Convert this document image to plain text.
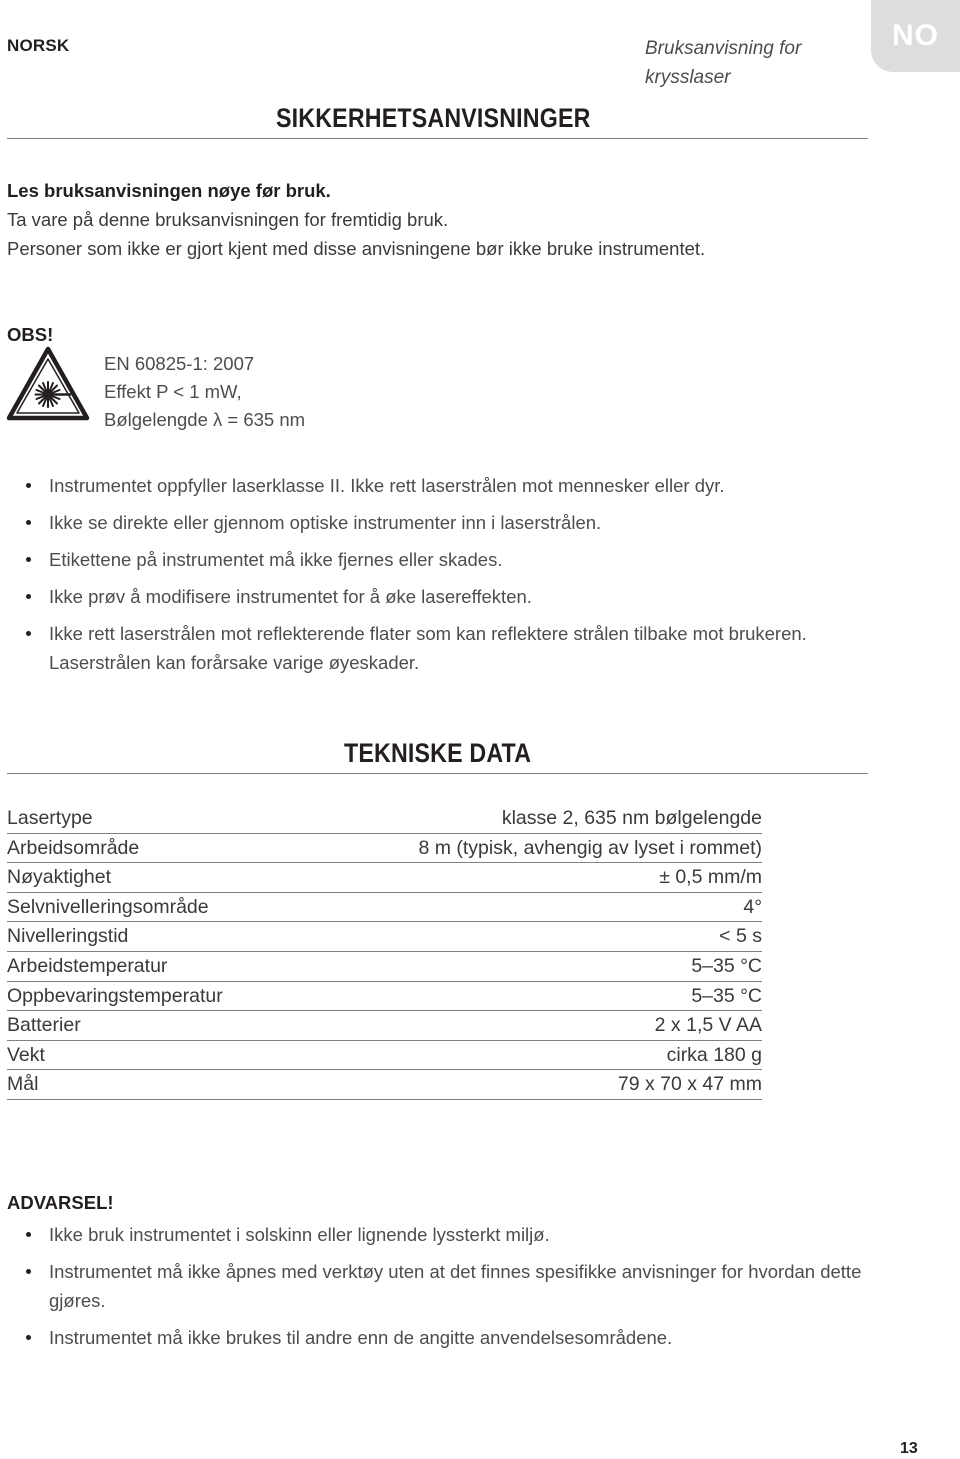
NORSK	Bruksanvisning for krysslaser
NO
SIKKERHETSANVISNINGER
Les bruksanvisningen nøye før bruk.
Ta vare på denne bruksanvisningen for fremtidig bruk.
Personer som ikke er gjort kjent med disse anvisningene bør ikke bruke instrumentet.
OBS!
EN 60825-1: 2007
Effekt P < 1 mW,
Bølgelengde λ = 635 nm
Instrumentet oppfyller laserklasse II. Ikke rett laserstrålen mot mennesker eller dyr.
Ikke se direkte eller gjennom optiske instrumenter inn i laserstrålen.
Etikettene på instrumentet må ikke fjernes eller skades.
Ikke prøv å modifisere instrumentet for å øke lasereffekten.
Ikke rett laserstrålen mot reflekterende flater som kan reflektere strålen tilbake mot brukeren. Laserstrålen kan forårsake varige øyeskader.
TEKNISKE DATA
Lasertype	klasse 2, 635 nm bølgelengde
Arbeidsområde	8 m (typisk, avhengig av lyset i rommet)
Nøyaktighet	± 0,5 mm/m
Selvnivelleringsområde	4°
Nivelleringstid	< 5 s
Arbeidstemperatur	5–35 °C
Oppbevaringstemperatur	5–35 °C
Batterier	2 x 1,5 V AA
Vekt	cirka 180 g
Mål	79 x 70 x 47 mm
ADVARSEL!
Ikke bruk instrumentet i solskinn eller lignende lyssterkt miljø.
Instrumentet må ikke åpnes med verktøy uten at det finnes spesifikke anvisninger for hvordan dette gjøres.
Instrumentet må ikke brukes til andre enn de angitte anvendelsesområdene.
13
